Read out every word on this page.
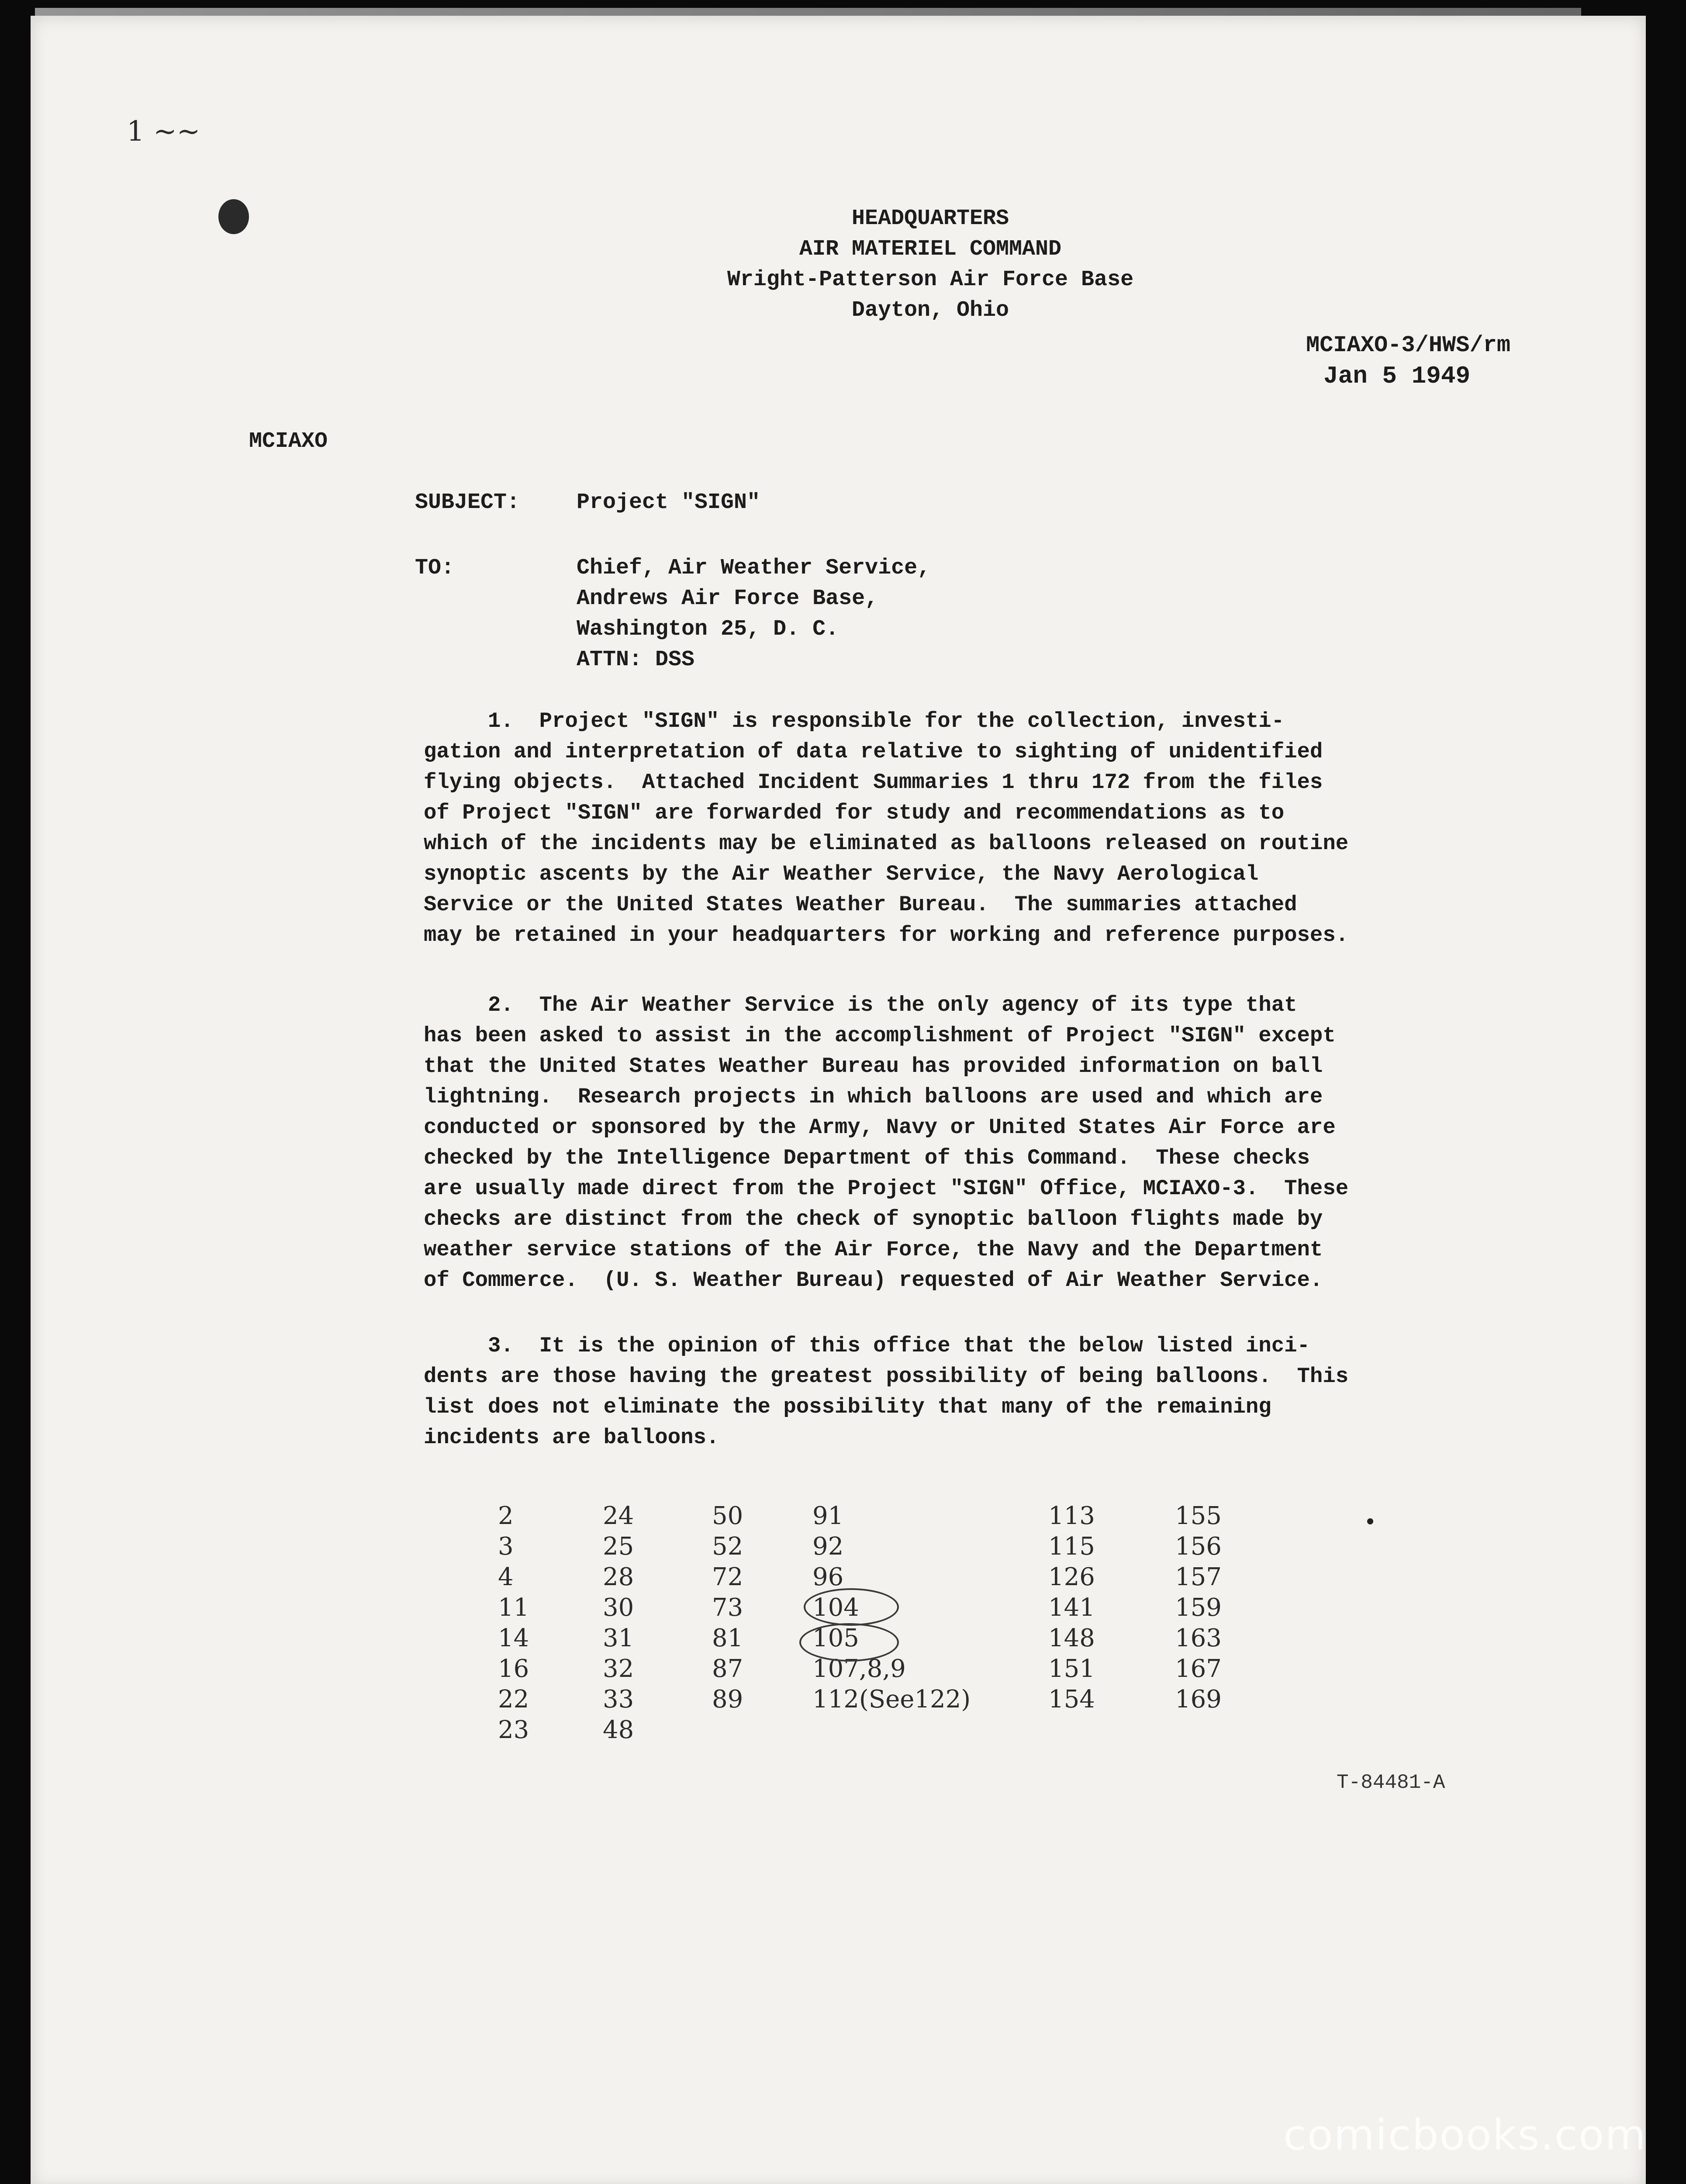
1 ~~
HEADQUARTERS
AIR MATERIEL COMMAND
Wright-Patterson Air Force Base
Dayton, Ohio
MCIAXO-3/HWS/rm
Jan 5 1949
MCIAXO
SUBJECT:	Project "SIGN"
TO:	Chief, Air Weather Service,
Andrews Air Force Base,
Washington 25, D. C.
ATTN: DSS
1.  Project "SIGN" is responsible for the collection, investi-
gation and interpretation of data relative to sighting of unidentified
flying objects.  Attached Incident Summaries 1 thru 172 from the files
of Project "SIGN" are forwarded for study and recommendations as to
which of the incidents may be eliminated as balloons released on routine
synoptic ascents by the Air Weather Service, the Navy Aerological
Service or the United States Weather Bureau.  The summaries attached
may be retained in your headquarters for working and reference purposes.
2.  The Air Weather Service is the only agency of its type that
has been asked to assist in the accomplishment of Project "SIGN" except
that the United States Weather Bureau has provided information on ball
lightning.  Research projects in which balloons are used and which are
conducted or sponsored by the Army, Navy or United States Air Force are
checked by the Intelligence Department of this Command.  These checks
are usually made direct from the Project "SIGN" Office, MCIAXO-3.  These
checks are distinct from the check of synoptic balloon flights made by
weather service stations of the Air Force, the Navy and the Department
of Commerce.  (U. S. Weather Bureau) requested of Air Weather Service.
3.  It is the opinion of this office that the below listed inci-
dents are those having the greatest possibility of being balloons.  This
list does not eliminate the possibility that many of the remaining
incidents are balloons.
2
3
4
11
14
16
22
23
24
25
28
30
31
32
33
48
50
52
72
73
81
87
89
91
92
96
104
105
107,8,9
112(See122)
113
115
126
141
148
151
154
155
156
157
159
163
167
169
T-84481-A
comicbooks.com
